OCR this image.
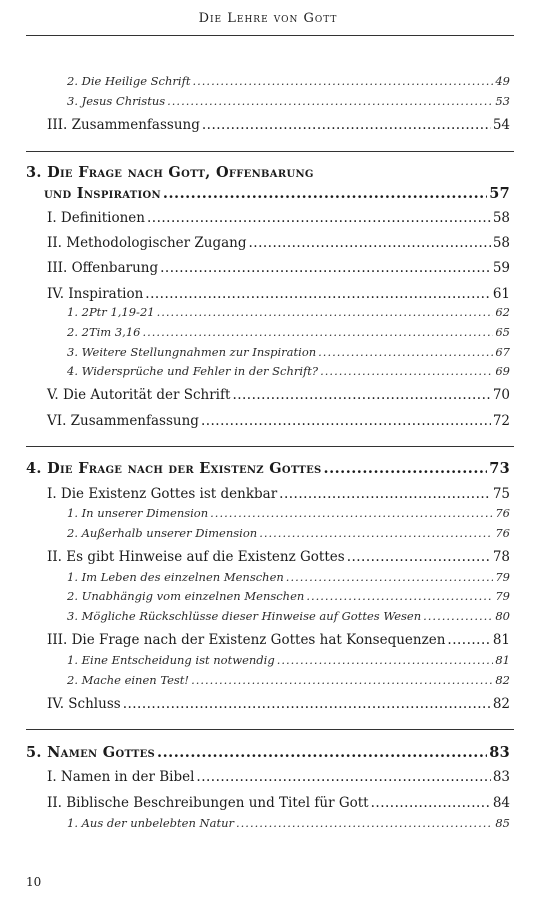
Die Lehre von Gott
2. Die Heilige Schrift .....	49
3. Jesus Christus .....	53
III. Zusammenfassung .....	54
3. Die Frage nach Gott, Offenbarung
und Inspiration .....	57
I. Definitionen .....	58
II. Methodologischer Zugang .....	58
III. Offenbarung .....	59
IV. Inspiration .....	61
1. 2Ptr 1,19-21 .....	62
2. 2Tim 3,16 .....	65
3. Weitere Stellungnahmen zur Inspiration .....	67
4. Widersprüche und Fehler in der Schrift? .....	69
V. Die Autorität der Schrift .....	70
VI. Zusammenfassung .....	72
4. Die Frage nach der Existenz Gottes .....	73
I. Die Existenz Gottes ist denkbar .....	75
1. In unserer Dimension .....	76
2. Außerhalb unserer Dimension .....	76
II. Es gibt Hinweise auf die Existenz Gottes .....	78
1. Im Leben des einzelnen Menschen .....	79
2. Unabhängig vom einzelnen Menschen .....	79
3. Mögliche Rückschlüsse dieser Hinweise auf Gottes Wesen .....	80
III. Die Frage nach der Existenz Gottes hat Konsequenzen .....	81
1. Eine Entscheidung ist notwendig .....	81
2. Mache einen Test! .....	82
IV. Schluss .....	82
5. Namen Gottes .....	83
I. Namen in der Bibel .....	83
II. Biblische Beschreibungen und Titel für Gott .....	84
1. Aus der unbelebten Natur .....	85
10
